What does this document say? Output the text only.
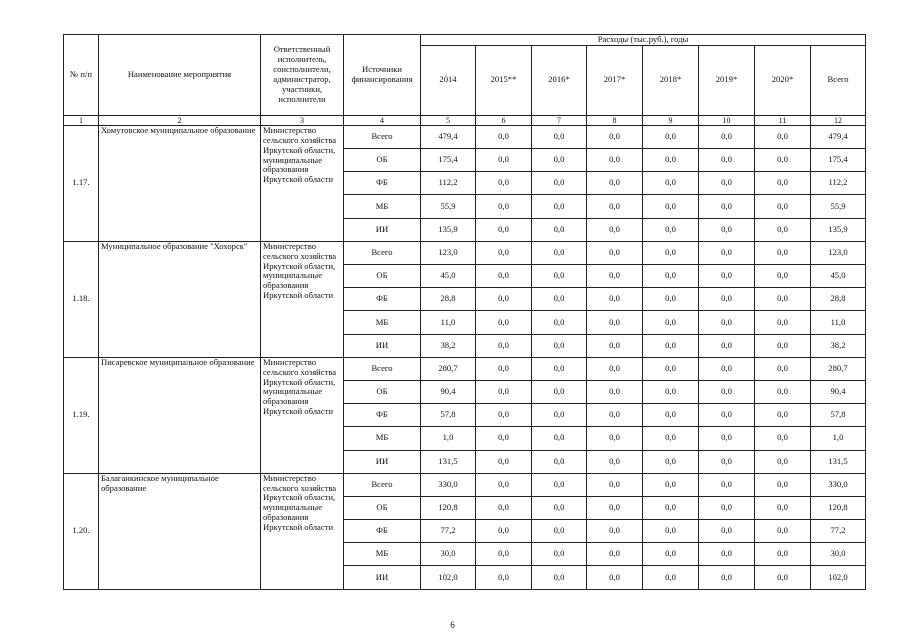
№ п/п	Наименование мероприятия	Ответственный исполнитель, соисполнители, администратор, участники, исполнители	Источники финансирования	Расходы (тыс.руб.), годы							
				2014	2015**	2016*	2017*	2018*	2019*	2020*	Всего
1	2	3	4	5	6	7	8	9	10	11	12
1.17.	Хомутовское муниципальное образование	Министерство сельского хозяйства Иркутской области, муниципальные образования Иркутской области	Всего	479,4	0,0	0,0	0,0	0,0	0,0	0,0	479,4
			ОБ	175,4	0,0	0,0	0,0	0,0	0,0	0,0	175,4
			ФБ	112,2	0,0	0,0	0,0	0,0	0,0	0,0	112,2
			МБ	55,9	0,0	0,0	0,0	0,0	0,0	0,0	55,9
			ИИ	135,9	0,0	0,0	0,0	0,0	0,0	0,0	135,9
1.18.	Муниципальное образование "Хохорск"	Министерство сельского хозяйства Иркутской области, муниципальные образования Иркутской области	Всего	123,0	0,0	0,0	0,0	0,0	0,0	0,0	123,0
			ОБ	45,0	0,0	0,0	0,0	0,0	0,0	0,0	45,0
			ФБ	28,8	0,0	0,0	0,0	0,0	0,0	0,0	28,8
			МБ	11,0	0,0	0,0	0,0	0,0	0,0	0,0	11,0
			ИИ	38,2	0,0	0,0	0,0	0,0	0,0	0,0	38,2
1.19.	Писаревское муниципальное образование	Министерство сельского хозяйства Иркутской области, муниципальные образования Иркутской области	Всего	280,7	0,0	0,0	0,0	0,0	0,0	0,0	280,7
			ОБ	90,4	0,0	0,0	0,0	0,0	0,0	0,0	90,4
			ФБ	57,8	0,0	0,0	0,0	0,0	0,0	0,0	57,8
			МБ	1,0	0,0	0,0	0,0	0,0	0,0	0,0	1,0
			ИИ	131,5	0,0	0,0	0,0	0,0	0,0	0,0	131,5
1.20.	Балаганкинское муниципальное образование	Министерство сельского хозяйства Иркутской области, муниципальные образования Иркутской области	Всего	330,0	0,0	0,0	0,0	0,0	0,0	0,0	330,0
			ОБ	120,8	0,0	0,0	0,0	0,0	0,0	0,0	120,8
			ФБ	77,2	0,0	0,0	0,0	0,0	0,0	0,0	77,2
			МБ	30,0	0,0	0,0	0,0	0,0	0,0	0,0	30,0
			ИИ	102,0	0,0	0,0	0,0	0,0	0,0	0,0	102,0
6
